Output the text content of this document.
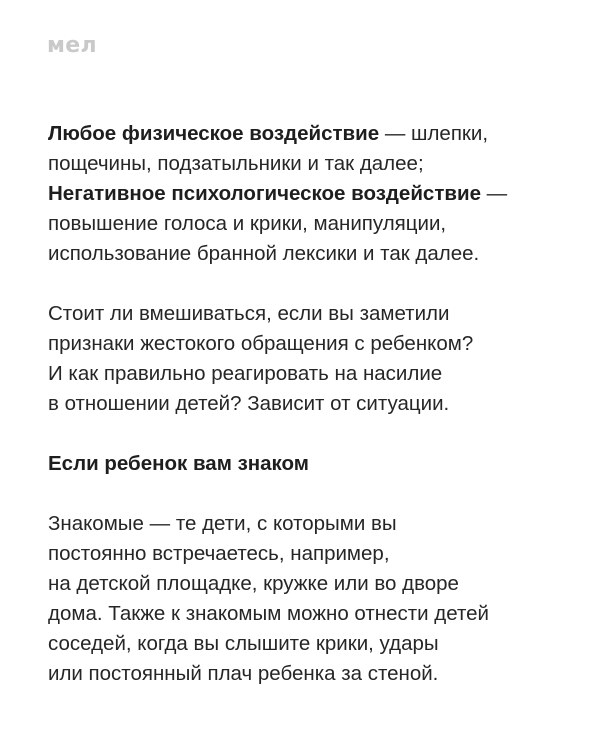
мел
Любое физическое воздействие — шлепки,
пощечины, подзатыльники и так далее;
Негативное психологическое воздействие —
повышение голоса и крики, манипуляции,
использование бранной лексики и так далее.
Стоит ли вмешиваться, если вы заметили
признаки жестокого обращения с ребенком?
И как правильно реагировать на насилие
в отношении детей? Зависит от ситуации.
Если ребенок вам знаком
Знакомые — те дети, с которыми вы
постоянно встречаетесь, например,
на детской площадке, кружке или во дворе
дома. Также к знакомым можно отнести детей
соседей, когда вы слышите крики, удары
или постоянный плач ребенка за стеной.
